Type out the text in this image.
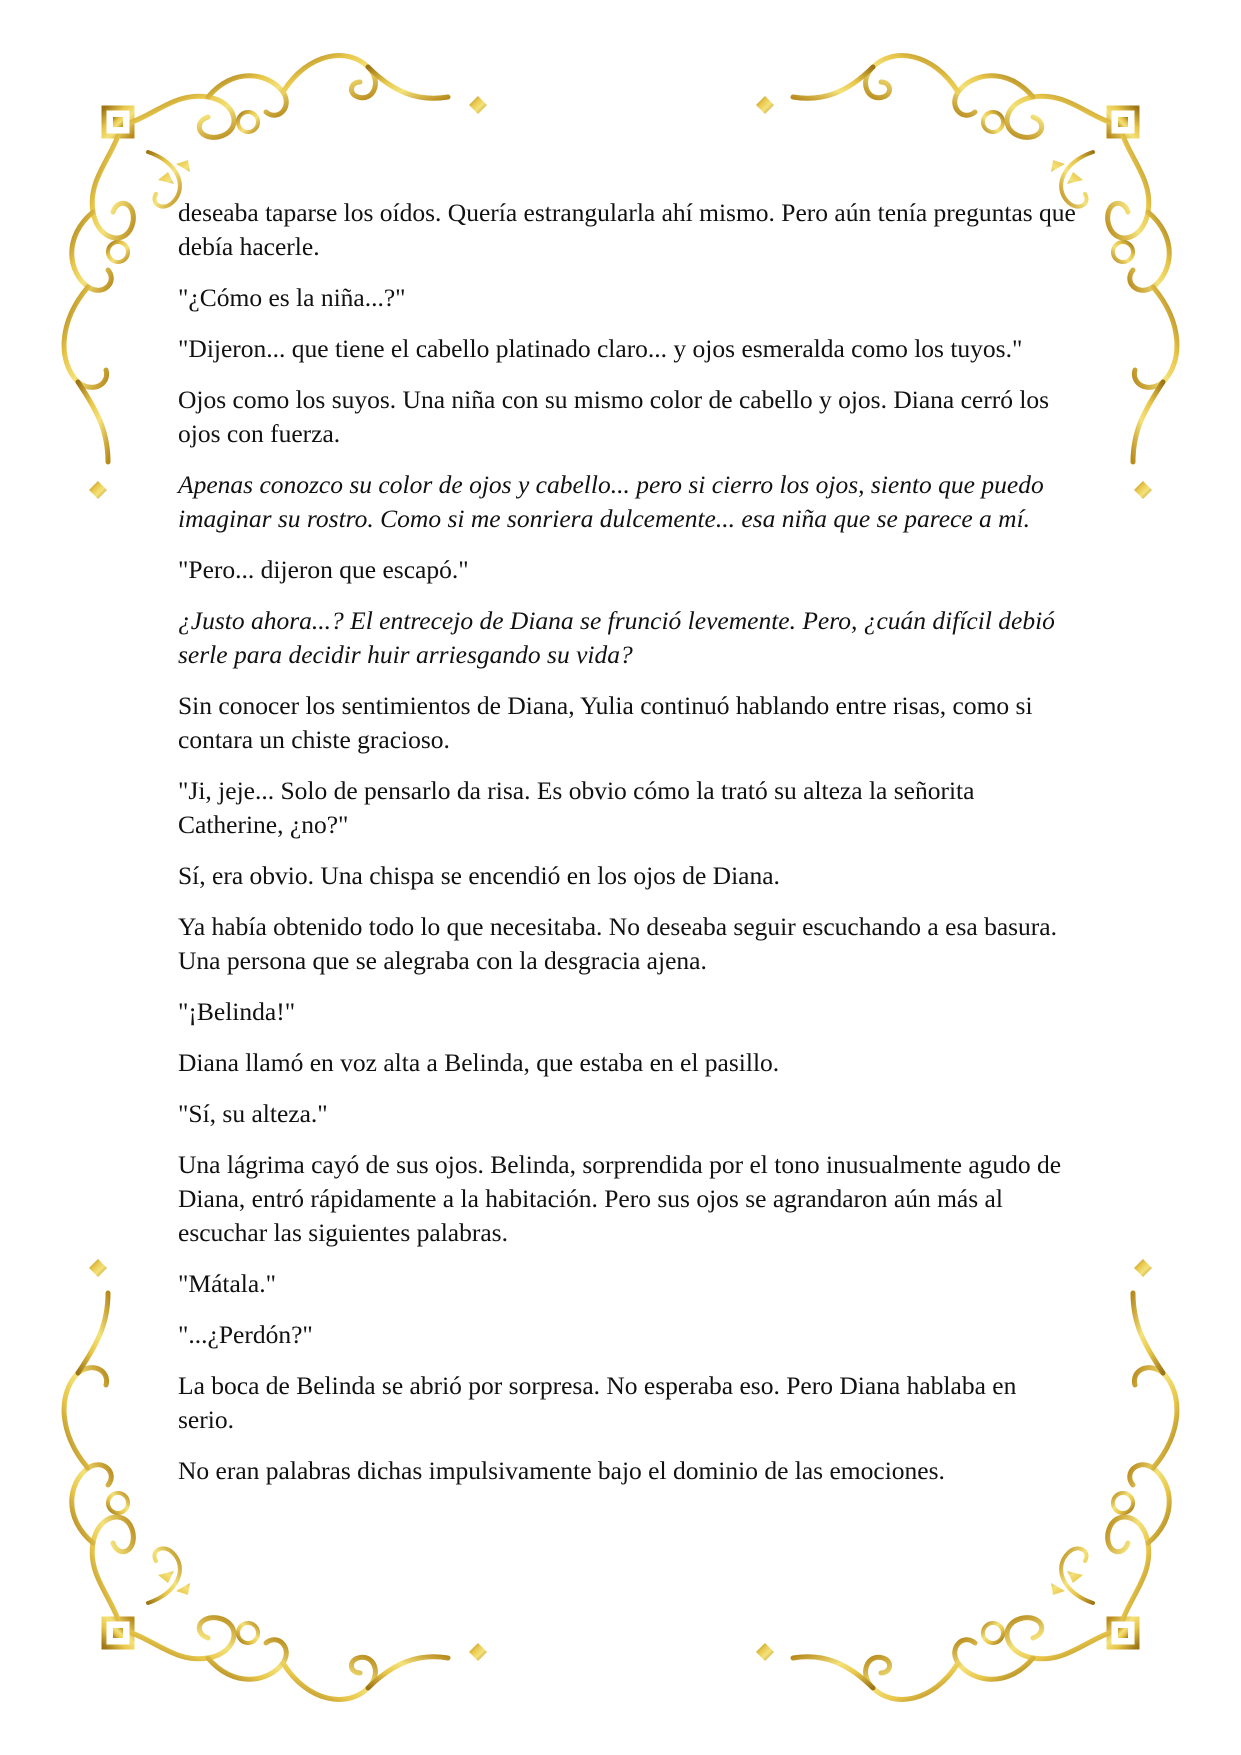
deseaba taparse los oídos. Quería estrangularla ahí mismo. Pero aún tenía preguntas que debía hacerle.

"¿Cómo es la niña...?"

"Dijeron... que tiene el cabello platinado claro... y ojos esmeralda como los tuyos."

Ojos como los suyos. Una niña con su mismo color de cabello y ojos. Diana cerró los ojos con fuerza.

Apenas conozco su color de ojos y cabello... pero si cierro los ojos, siento que puedo imaginar su rostro. Como si me sonriera dulcemente... esa niña que se parece a mí.

"Pero... dijeron que escapó."

¿Justo ahora...? El entrecejo de Diana se frunció levemente. Pero, ¿cuán difícil debió serle para decidir huir arriesgando su vida?

Sin conocer los sentimientos de Diana, Yulia continuó hablando entre risas, como si contara un chiste gracioso.

"Ji, jeje... Solo de pensarlo da risa. Es obvio cómo la trató su alteza la señorita Catherine, ¿no?"

Sí, era obvio. Una chispa se encendió en los ojos de Diana.

Ya había obtenido todo lo que necesitaba. No deseaba seguir escuchando a esa basura. Una persona que se alegraba con la desgracia ajena.

"¡Belinda!"

Diana llamó en voz alta a Belinda, que estaba en el pasillo.

"Sí, su alteza."

Una lágrima cayó de sus ojos. Belinda, sorprendida por el tono inusualmente agudo de Diana, entró rápidamente a la habitación. Pero sus ojos se agrandaron aún más al escuchar las siguientes palabras.

"Mátala."

"...¿Perdón?"

La boca de Belinda se abrió por sorpresa. No esperaba eso. Pero Diana hablaba en serio.

No eran palabras dichas impulsivamente bajo el dominio de las emociones.
